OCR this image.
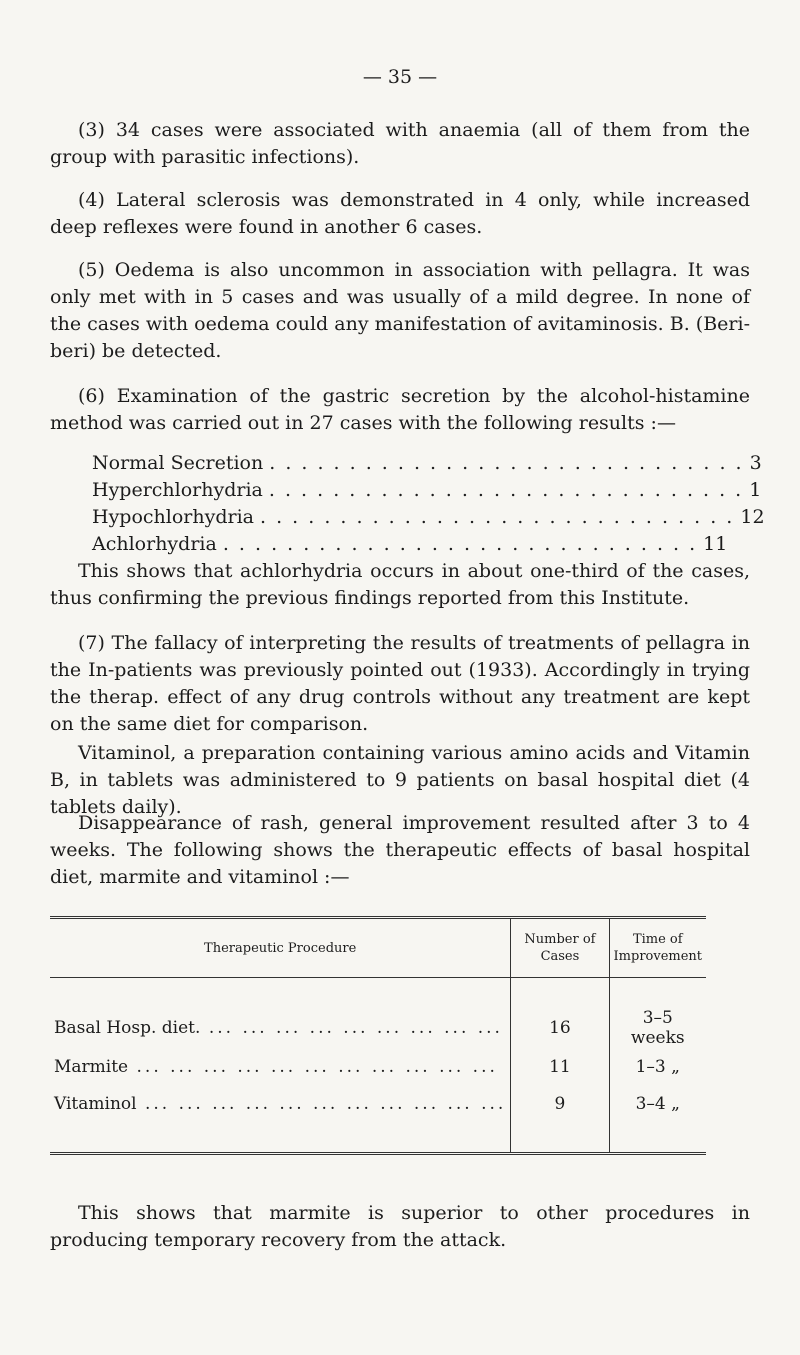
— 35 —

(3) 34 cases were associated with anaemia (all of them from the group with parasitic infections).

(4) Lateral sclerosis was demonstrated in 4 only, while increased deep reflexes were found in another 6 cases.

(5) Oedema is also uncommon in association with pellagra. It was only met with in 5 cases and was usually of a mild degree. In none of the cases with oedema could any manifestation of avitaminosis. B. (Beri-beri) be detected.

(6) Examination of the gastric secretion by the alcohol-histamine method was carried out in 27 cases with the following results :—

Normal Secretion . . . . . . . . . . . . . . . . . . . . . . . . . . . . . . 3
Hyperchlorhydria . . . . . . . . . . . . . . . . . . . . . . . . . . . . . . 1
Hypochlorhydria . . . . . . . . . . . . . . . . . . . . . . . . . . . . . . 12
Achlorhydria . . . . . . . . . . . . . . . . . . . . . . . . . . . . . . 11

This shows that achlorhydria occurs in about one-third of the cases, thus confirming the previous findings reported from this Institute.

(7) The fallacy of interpreting the results of treatments of pellagra in the In-patients was previously pointed out (1933). Accordingly in trying the therap. effect of any drug controls without any treatment are kept on the same diet for comparison.

Vitaminol, a preparation containing various amino acids and Vitamin B, in tablets was administered to 9 patients on basal hospital diet (4 tablets daily).

Disappearance of rash, general improvement resulted after 3 to 4 weeks. The following shows the therapeutic effects of basal hospital diet, marmite and vitaminol :—

Therapeutic Procedure	Number of Cases	Time of Improvement

Basal Hosp. diet. ... ... ... ... ... ... ... ... ...	16	3–5 weeks
Marmite ... ... ... ... ... ... ... ... ... ... ...	11	1–3 „
Vitaminol ... ... ... ... ... ... ... ... ... ... ...	9	3–4 „

This shows that marmite is superior to other procedures in producing temporary recovery from the attack.
